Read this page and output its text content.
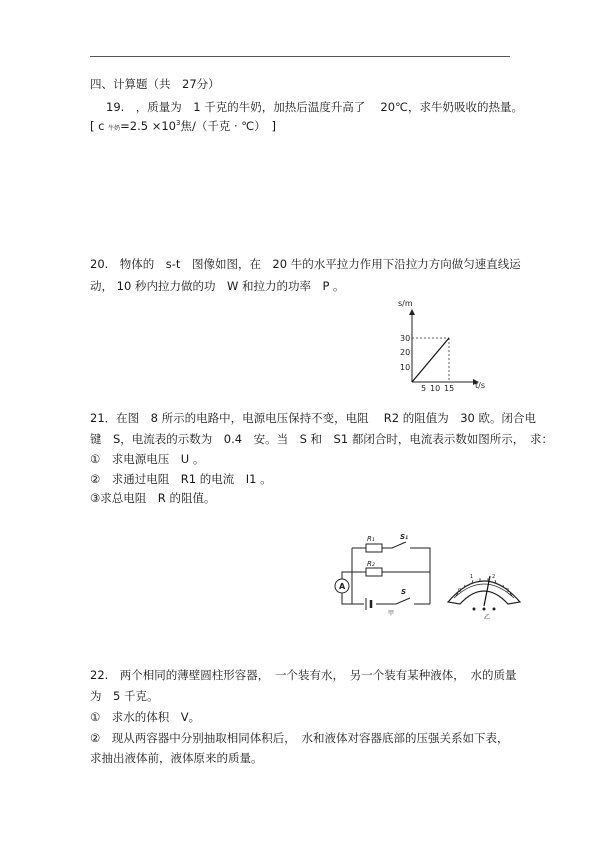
四、计算题（共　27分）
19.　，质量为　1 千克的牛奶，加热后温度升高了　 20℃，求牛奶吸收的热量。
[ c 牛奶$=2.5 \times 10^3$焦/（千克 · ℃）　]
20.　物体的　s-t　图像如图，在　20 牛的水平拉力作用下沿拉力方向做匀速直线运
动， 10 秒内拉力做的功　W 和拉力的功率　P 。
s/m
t/s
10
20
30
5 10 15
21．在图　8 所示的电路中，电源电压保持不变，电阻　 R2 的阻值为　30 欧。闭合电
键　S，电流表的示数为　0.4　安。当　S 和　S1 都闭合时，电流表示数如图所示，　求：
①　求电源电压　U 。
②　求通过电阻　R1 的电流　I1 。
③求总电阻　R 的阻值。
R₁
R₂
S₁
S
A
甲
0
1	2
3
乙
22.　两个相同的薄壁圆柱形容器，　一个装有水，　另一个装有某种液体，　水的质量
为　5 千克。
①　求水的体积　V。
②　现从两容器中分别抽取相同体积后，　水和液体对容器底部的压强关系如下表，
求抽出液体前，液体原来的质量。
